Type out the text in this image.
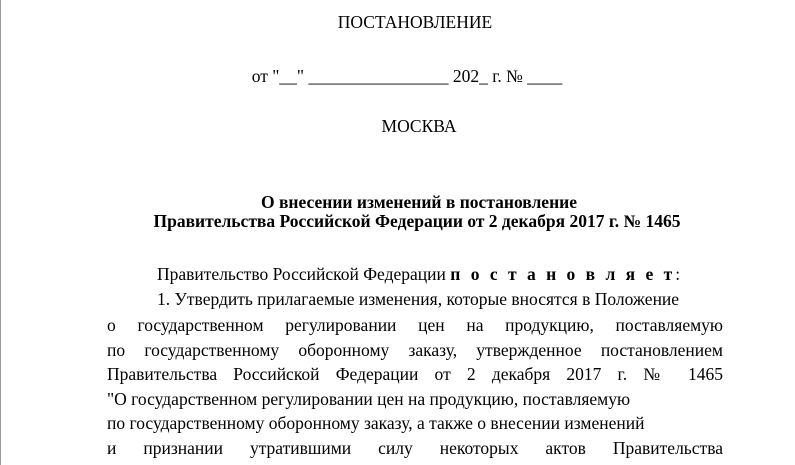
ПОСТАНОВЛЕНИЕ
от "__" ________________ 202_ г. № ____
МОСКВА
О внесении изменений в постановление
Правительства Российской Федерации от 2 декабря 2017 г. № 1465
Правительство Российской Федерации п о с т а н о в л я е т:
1. Утвердить прилагаемые изменения, которые вносятся в Положение
о государственном регулировании цен на продукцию, поставляемую
по государственному оборонному заказу, утвержденное постановлением
Правительства Российской Федерации от 2 декабря 2017 г. № 1465
"О государственном регулировании цен на продукцию, поставляемую
по государственному оборонному заказу, а также о внесении изменений
и признании утратившими силу некоторых актов Правительства
